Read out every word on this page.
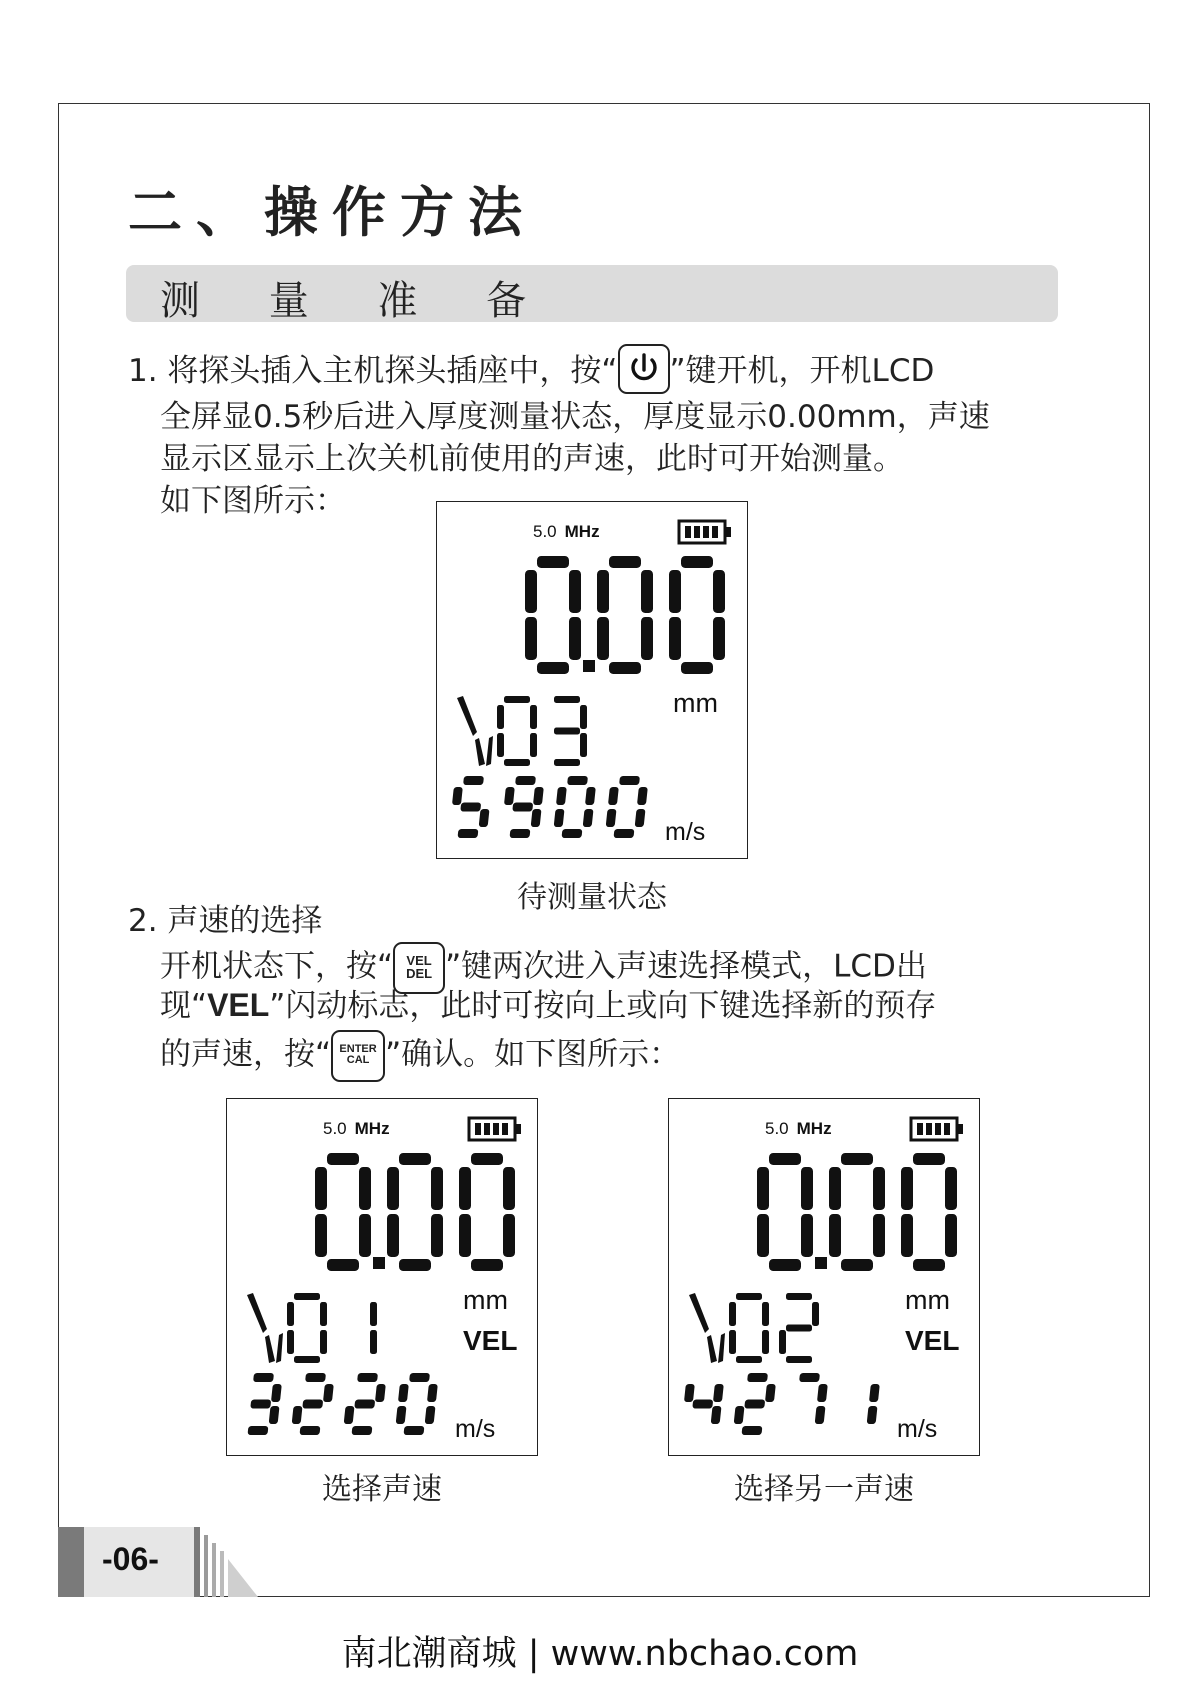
二、操作方法
测 量 准 备
1. 将探头插入主机探头插座中，按“ ”键开机，开机LCD
全屏显0.5秒后进入厚度测量状态，厚度显示0.00mm，声速
显示区显示上次关机前使用的声速，此时可开始测量。
如下图所示：
5.0 MHz
mm
m/s
待测量状态
2. 声速的选择
开机状态下，按“ VEL
DEL ”键两次进入声速选择模式，LCD出
现“VEL”闪动标志，此时可按向上或向下键选择新的预存
的声速，按“ ENTER
CAL ”确认。如下图所示：
5.0 MHz
mm
VEL
m/s
选择声速
5.0 MHz
mm
VEL
m/s
选择另一声速
-06-
南北潮商城 | www.nbchao.com
